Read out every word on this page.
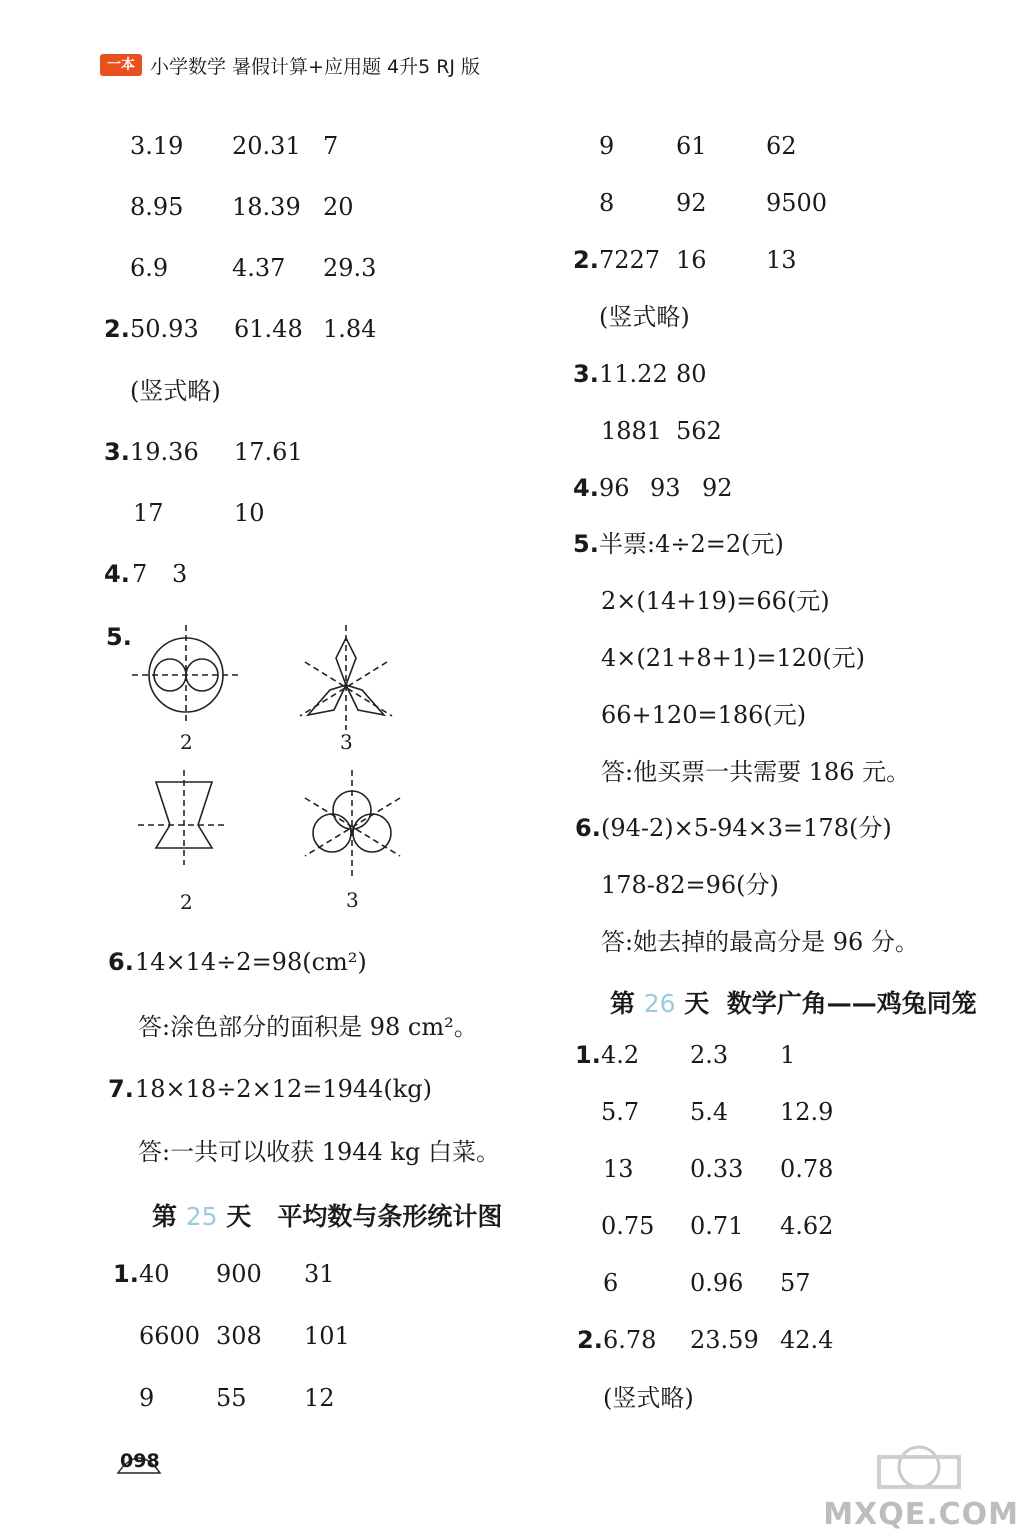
一本 小学数学 暑假计算+应用题 4升5 RJ 版
3.19 20.31 7
8.95 18.39 20
6.9	4.37 29.3
2. 50.93 61.48 1.84
(竖式略)
3. 19.36 17.61
17	10
4. 7 3
5.
2	3
2	3
6. 14×14÷2=98(cm²)
答:涂色部分的面积是 98 cm²。
7. 18×18÷2×12=1944(kg)
答:一共可以收获 1944 kg 白菜。
第 25 天 平均数与条形统计图
1. 40 900 31
6600 308 101
9	55 12
9	61 62
8	92 9500
2. 7227 16 13
(竖式略)
3. 11.22 80
1881 562
4. 96 93 92
5. 半票:4÷2=2(元)
2×(14+19)=66(元)
4×(21+8+1)=120(元)
66+120=186(元)
答:他买票一共需要 186 元。
6. (94-2)×5-94×3=178(分)
178-82=96(分)
答:她去掉的最高分是 96 分。
第 26 天 数学广角——鸡兔同笼
1. 4.2 2.3 1
5.7 5.4 12.9
13 0.33 0.78
0.75 0.71 4.62
6	0.96 57
2. 6.78 23.59 42.4
(竖式略)
098
MXQE.COM
